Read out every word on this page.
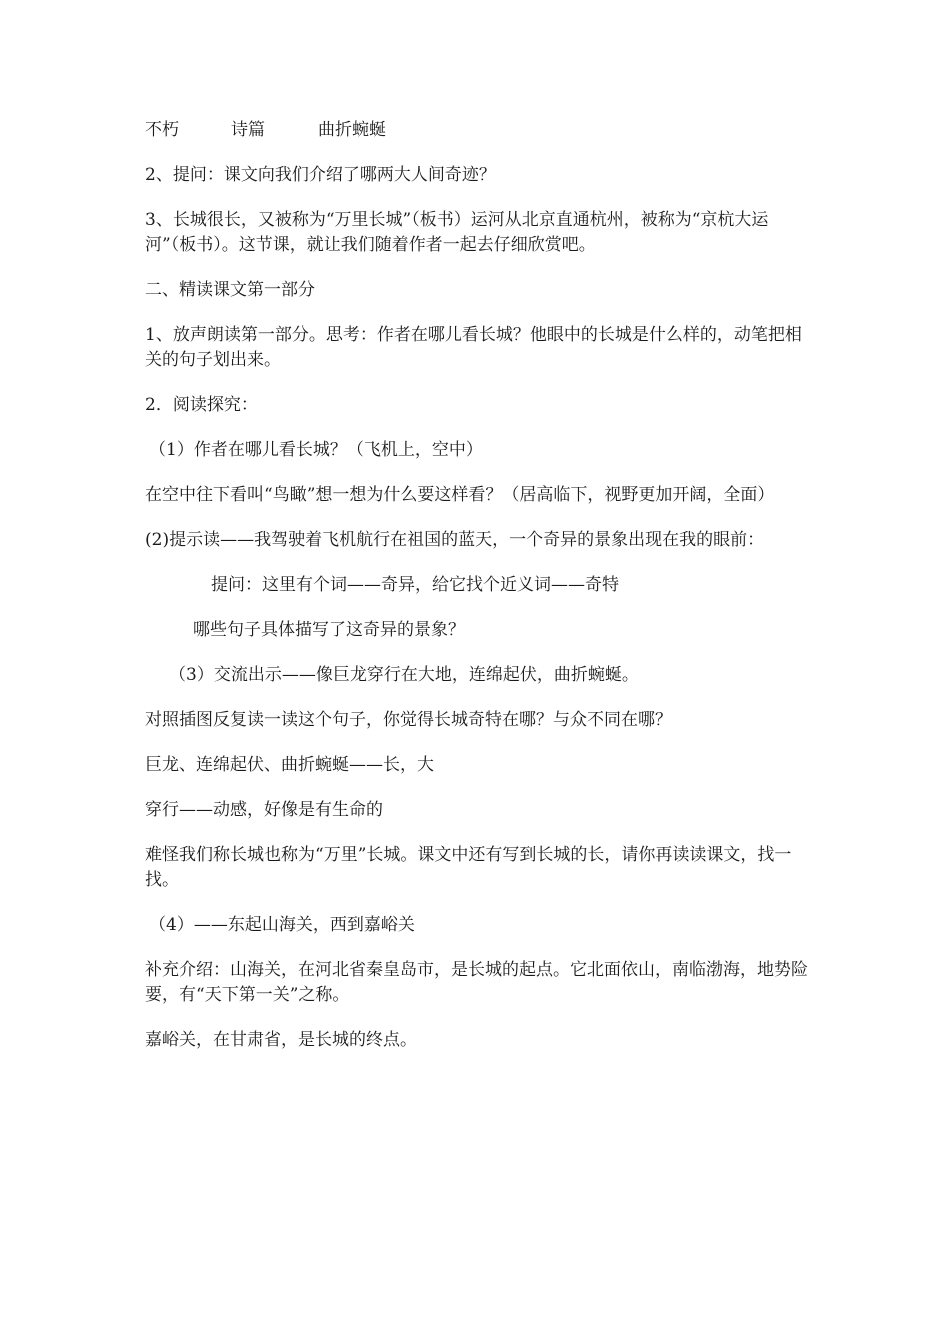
不朽	诗篇	曲折蜿蜒

2、提问：课文向我们介绍了哪两大人间奇迹？

3、长城很长，又被称为“万里长城”（板书）运河从北京直通杭州，被称为“京杭大运河”（板书）。这节课，就让我们随着作者一起去仔细欣赏吧。

二、精读课文第一部分

1、放声朗读第一部分。思考：作者在哪儿看长城？他眼中的长城是什么样的，动笔把相关的句子划出来。

2．阅读探究：

（1）作者在哪儿看长城？（飞机上，空中）

在空中往下看叫“鸟瞰”想一想为什么要这样看？（居高临下，视野更加开阔，全面）

(2)提示读——我驾驶着飞机航行在祖国的蓝天，一个奇异的景象出现在我的眼前：

提问：这里有个词——奇异，给它找个近义词——奇特

哪些句子具体描写了这奇异的景象？

（3）交流出示——像巨龙穿行在大地，连绵起伏，曲折蜿蜒。

对照插图反复读一读这个句子，你觉得长城奇特在哪？与众不同在哪？

巨龙、连绵起伏、曲折蜿蜒——长，大

穿行——动感，好像是有生命的

难怪我们称长城也称为“万里”长城。课文中还有写到长城的长，请你再读读课文，找一找。

（4）——东起山海关，西到嘉峪关

补充介绍：山海关，在河北省秦皇岛市，是长城的起点。它北面依山，南临渤海，地势险要，有“天下第一关”之称。

嘉峪关，在甘肃省，是长城的终点。
